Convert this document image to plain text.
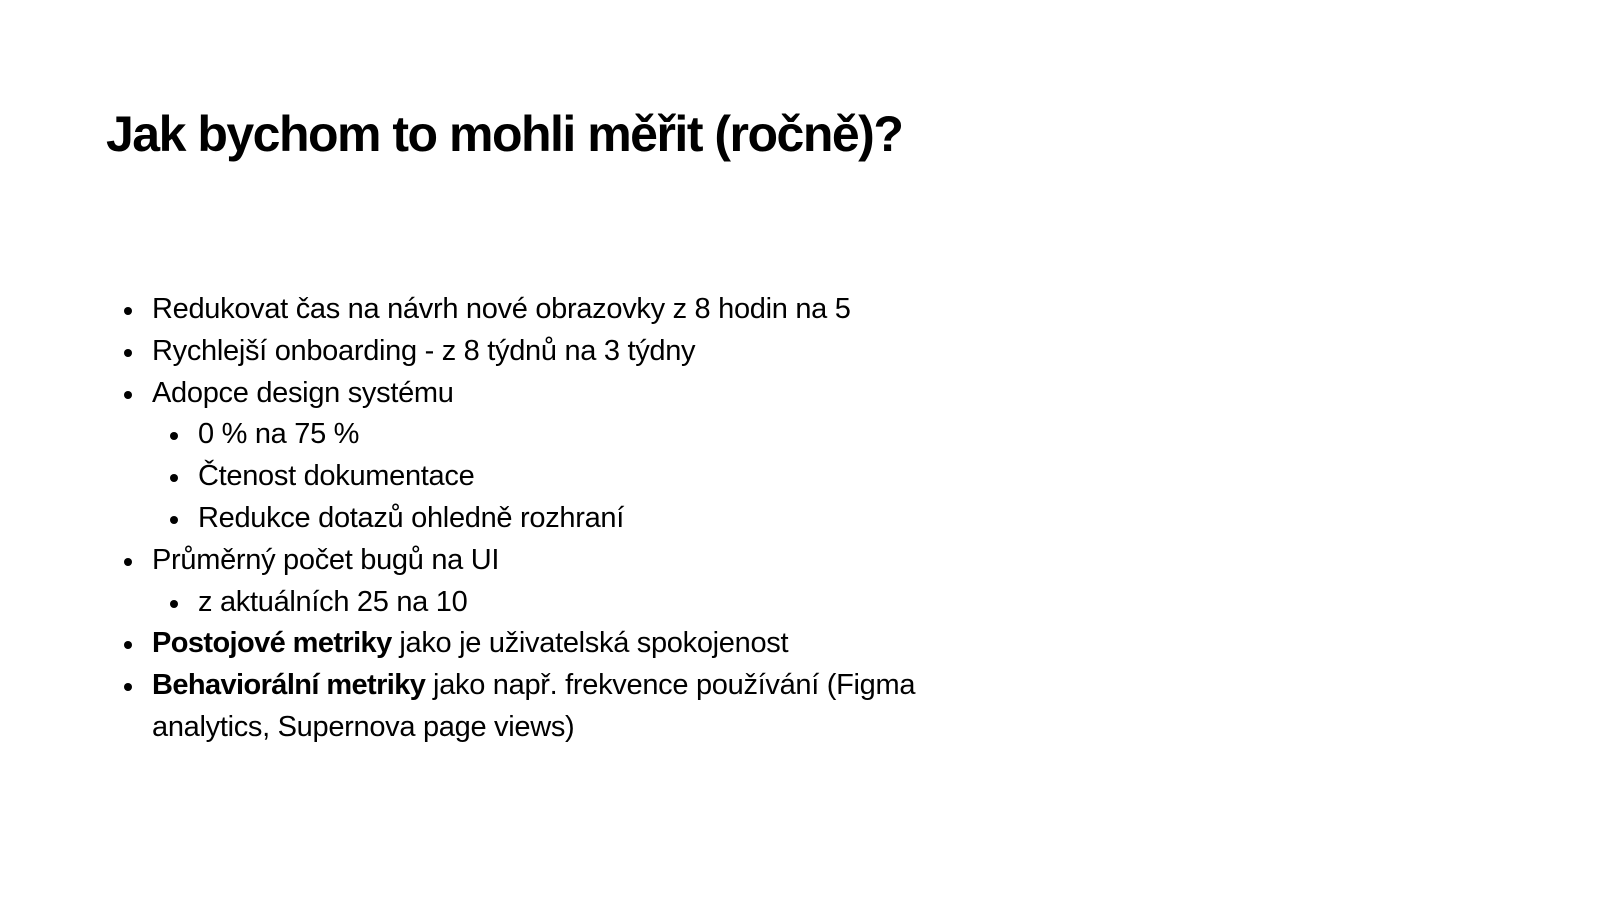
Jak bychom to mohli měřit (ročně)?
Redukovat čas na návrh nové obrazovky z 8 hodin na 5
Rychlejší onboarding - z 8 týdnů na 3 týdny
Adopce design systému
0 % na 75 %
Čtenost dokumentace
Redukce dotazů ohledně rozhraní
Průměrný počet bugů na UI
z aktuálních 25 na 10
Postojové metriky jako je uživatelská spokojenost
Behaviorální metriky jako např. frekvence používání (Figma analytics, Supernova page views)
